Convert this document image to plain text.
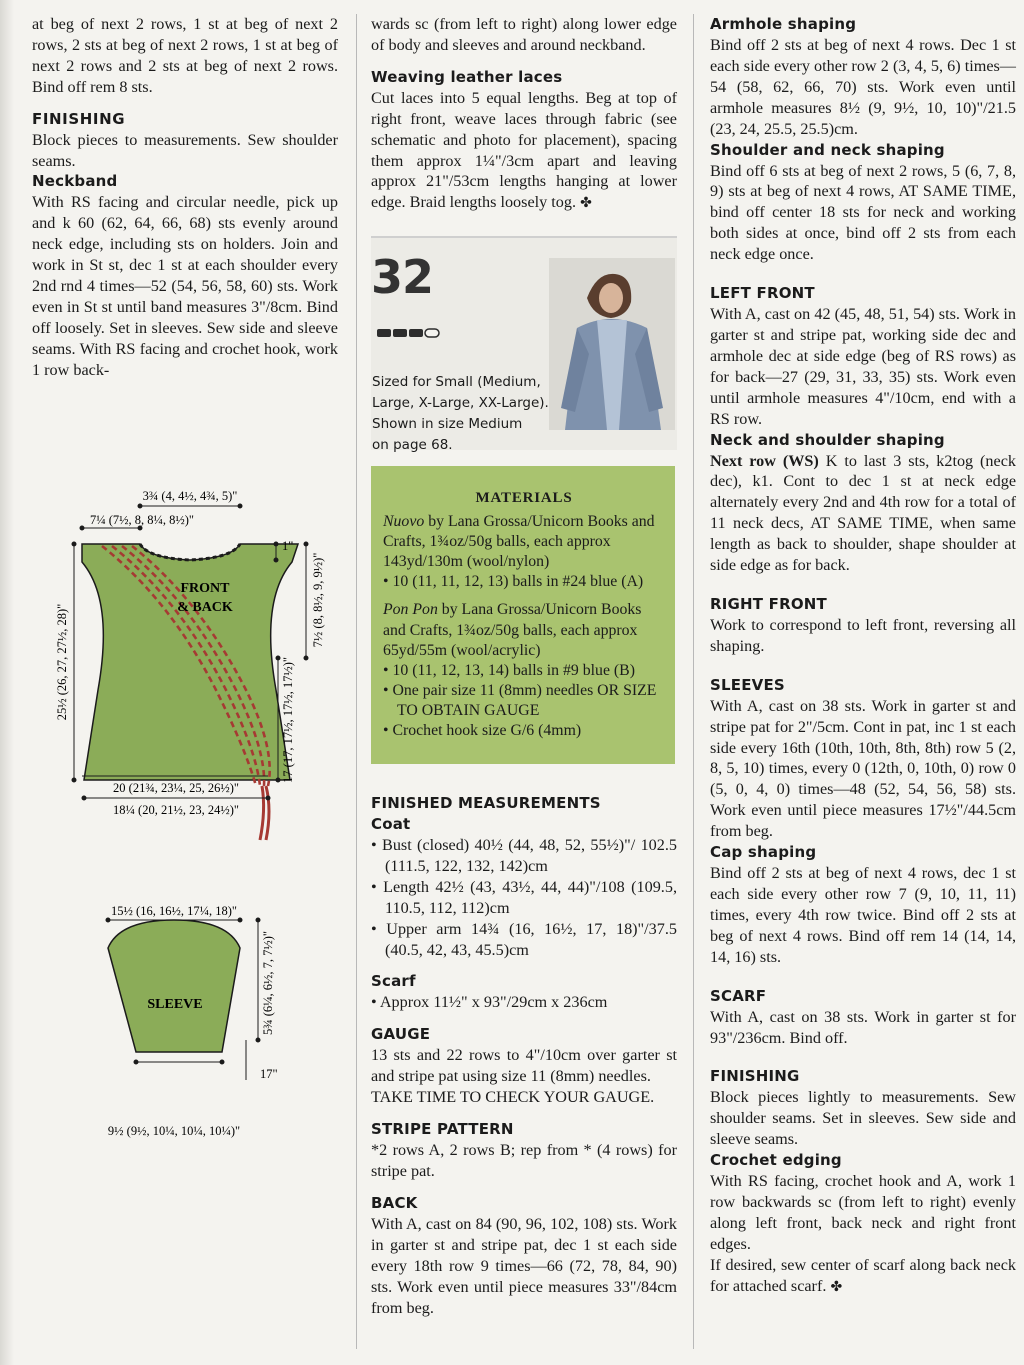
at beg of next 2 rows, 1 st at beg of next 2 rows, 2 sts at beg of next 2 rows, 1 st at beg of next 2 rows and 2 sts at beg of next 2 rows. Bind off rem 8 sts.

FINISHING

Block pieces to measurements. Sew shoulder seams.

Neckband

With RS facing and circular needle, pick up and k 60 (62, 64, 66, 68) sts evenly around neck edge, including sts on holders. Join and work in St st, dec 1 st at each shoulder every 2nd rnd 4 times—52 (54, 56, 58, 60) sts. Work even in St st until band measures 3"/8cm. Bind off loosely. Set in sleeves. Sew side and sleeve seams. With RS facing and crochet hook, work 1 row back-

FRONT
& BACK
3¾ (4, 4½, 4¾, 5)"
7¼ (7½, 8, 8¼, 8½)"
1"
7½ (8, 8½, 9, 9½)"
17 (17, 17½, 17½, 17½)"
25½ (26, 27, 27½, 28)"
20 (21¾, 23¼, 25, 26½)"
18¼ (20, 21½, 23, 24½)"
SLEEVE
15½ (16, 16½, 17¼, 18)"
5¾ (6¼, 6½, 7, 7½)"
17"
9½ (9½, 10¼, 10¼, 10¼)"

wards sc (from left to right) along lower edge of body and sleeves and around neckband.

Weaving leather laces

Cut laces into 5 equal lengths. Beg at top of right front, weave laces through fabric (see schematic and photo for placement), spacing them approx 1¼"/3cm apart and leaving approx 21"/53cm lengths hanging at lower edge. Braid lengths loosely tog. ✤

32
Sized for Small (Medium,
Large, X-Large, XX-Large).
Shown in size Medium
on page 68.
MATERIALS

Nuovo by Lana Grossa/Unicorn Books and Crafts, 1¾oz/50g balls, each approx 143yd/130m (wool/nylon)

• 10 (11, 11, 12, 13) balls in #24 blue (A)

Pon Pon by Lana Grossa/Unicorn Books and Crafts, 1¾oz/50g balls, each approx 65yd/55m (wool/acrylic)

• 10 (11, 12, 13, 14) balls in #9 blue (B)

• One pair size 11 (8mm) needles OR SIZE TO OBTAIN GAUGE

• Crochet hook size G/6 (4mm)

FINISHED MEASUREMENTS
Coat

• Bust (closed) 40½ (44, 48, 52, 55½)"/ 102.5 (111.5, 122, 132, 142)cm

• Length 42½ (43, 43½, 44, 44)"/108 (109.5, 110.5, 112, 112)cm

• Upper arm 14¾ (16, 16½, 17, 18)"/37.5 (40.5, 42, 43, 45.5)cm

Scarf

• Approx 11½" x 93"/29cm x 236cm

GAUGE

13 sts and 22 rows to 4"/10cm over garter st and stripe pat using size 11 (8mm) needles.

TAKE TIME TO CHECK YOUR GAUGE.

STRIPE PATTERN

*2 rows A, 2 rows B; rep from * (4 rows) for stripe pat.

BACK

With A, cast on 84 (90, 96, 102, 108) sts. Work in garter st and stripe pat, dec 1 st each side every 18th row 9 times—66 (72, 78, 84, 90) sts. Work even until piece measures 33"/84cm from beg.

Armhole shaping

Bind off 2 sts at beg of next 4 rows. Dec 1 st each side every other row 2 (3, 4, 5, 6) times—54 (58, 62, 66, 70) sts. Work even until armhole measures 8½ (9, 9½, 10, 10)"/21.5 (23, 24, 25.5, 25.5)cm.

Shoulder and neck shaping

Bind off 6 sts at beg of next 2 rows, 5 (6, 7, 8, 9) sts at beg of next 4 rows, AT SAME TIME, bind off center 18 sts for neck and working both sides at once, bind off 2 sts from each neck edge once.

LEFT FRONT

With A, cast on 42 (45, 48, 51, 54) sts. Work in garter st and stripe pat, working side dec and armhole dec at side edge (beg of RS rows) as for back—27 (29, 31, 33, 35) sts. Work even until armhole measures 4"/10cm, end with a RS row.

Neck and shoulder shaping

Next row (WS) K to last 3 sts, k2tog (neck dec), k1. Cont to dec 1 st at neck edge alternately every 2nd and 4th row for a total of 11 neck decs, AT SAME TIME, when same length as back to shoulder, shape shoulder at side edge as for back.

RIGHT FRONT

Work to correspond to left front, reversing all shaping.

SLEEVES

With A, cast on 38 sts. Work in garter st and stripe pat for 2"/5cm. Cont in pat, inc 1 st each side every 16th (10th, 10th, 8th, 8th) row 5 (2, 8, 5, 10) times, every 0 (12th, 0, 10th, 0) row 0 (5, 0, 4, 0) times—48 (52, 54, 56, 58) sts. Work even until piece measures 17½"/44.5cm from beg.

Cap shaping

Bind off 2 sts at beg of next 4 rows, dec 1 st each side every other row 7 (9, 10, 11, 11) times, every 4th row twice. Bind off 2 sts at beg of next 4 rows. Bind off rem 14 (14, 14, 14, 16) sts.

SCARF

With A, cast on 38 sts. Work in garter st for 93"/236cm. Bind off.

FINISHING

Block pieces lightly to measurements. Sew shoulder seams. Set in sleeves. Sew side and sleeve seams.

Crochet edging

With RS facing, crochet hook and A, work 1 row backwards sc (from left to right) evenly along left front, back neck and right front edges.

If desired, sew center of scarf along back neck for attached scarf. ✤
